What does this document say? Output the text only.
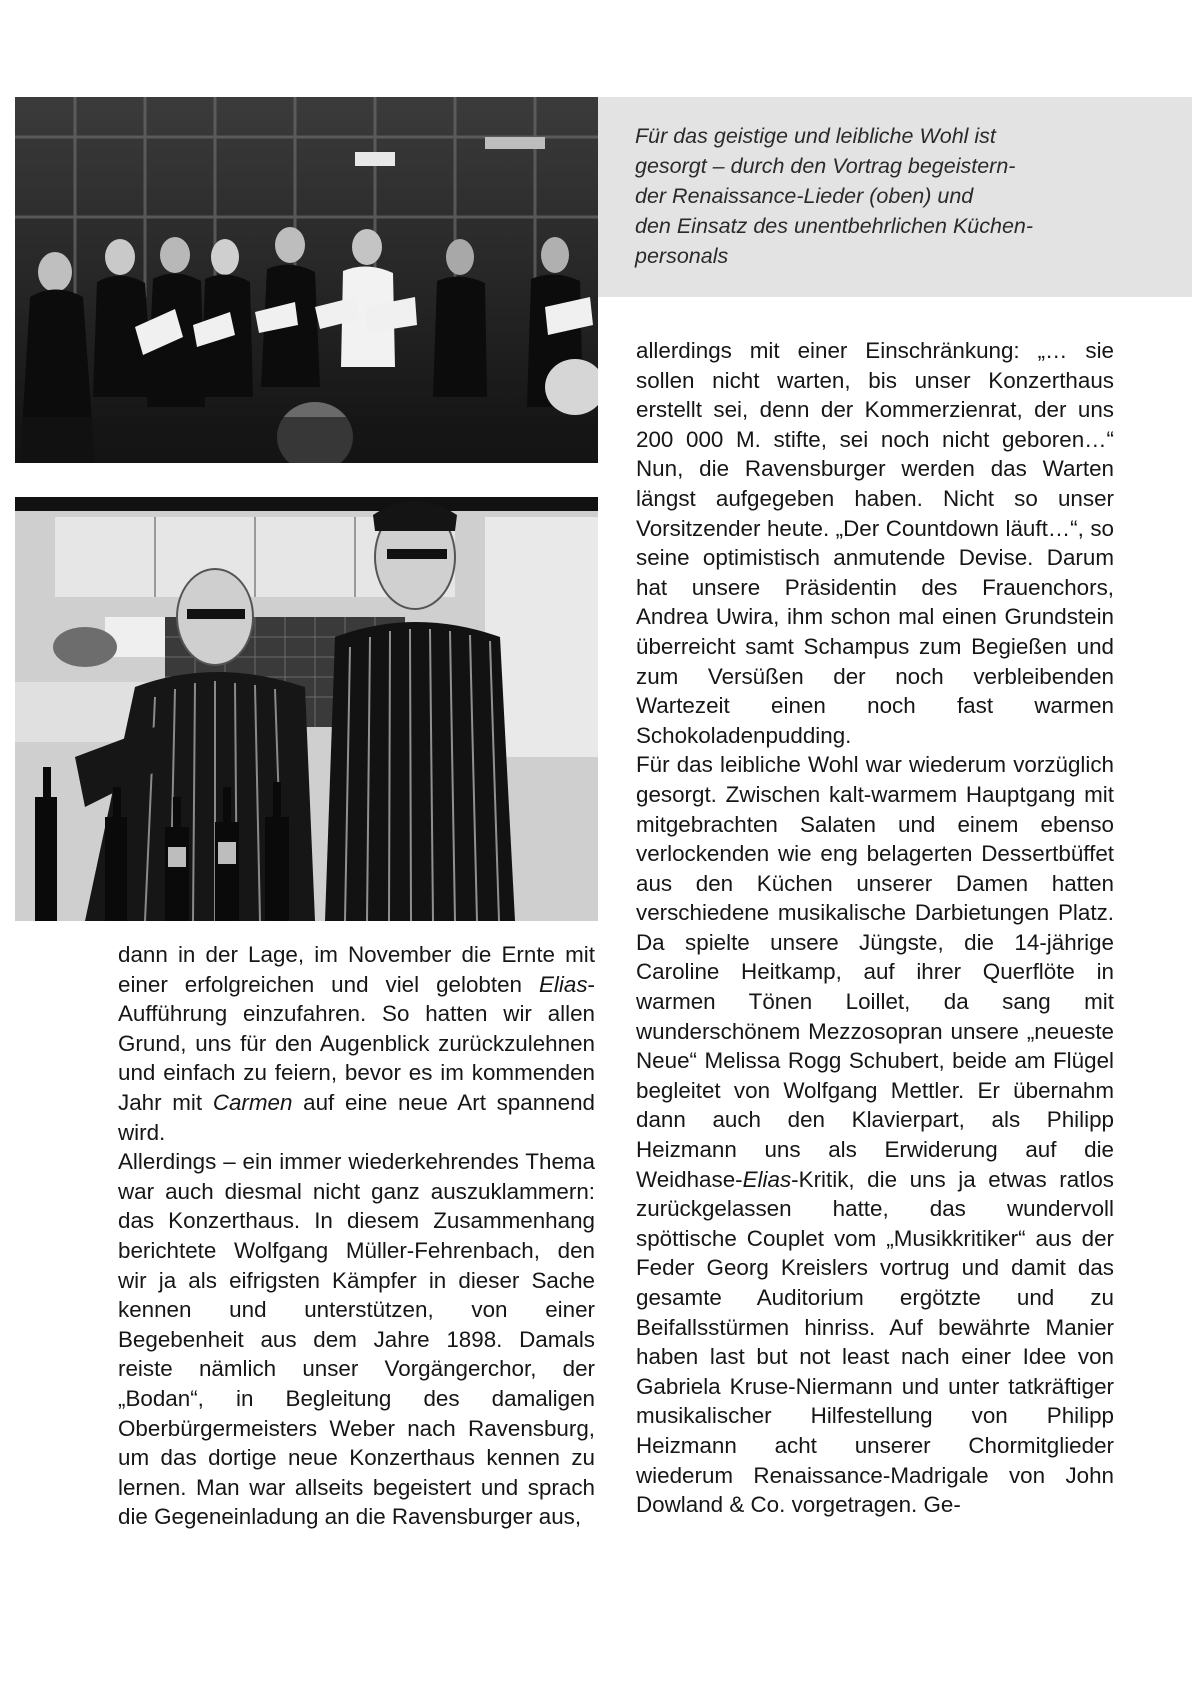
Für das geistige und leibliche Wohl ist
gesorgt – durch den Vortrag begeistern-
der Renaissance-Lieder (oben) und
den Einsatz des unentbehrlichen Küchen-
personals

dann in der Lage, im November die Ernte mit einer erfolgreichen und viel gelobten Elias-Aufführung einzufahren. So hatten wir allen Grund, uns für den Augenblick zurückzulehnen und einfach zu feiern, bevor es im kommenden Jahr mit Carmen auf eine neue Art spannend wird.

Allerdings – ein immer wiederkehrendes Thema war auch diesmal nicht ganz auszuklammern: das Konzerthaus. In diesem Zusammenhang berichtete Wolfgang Müller-Fehrenbach, den wir ja als eifrigsten Kämpfer in dieser Sache kennen und unterstützen, von einer Begebenheit aus dem Jahre 1898. Damals reiste nämlich unser Vorgängerchor, der „Bodan“, in Begleitung des damaligen Oberbürgermeisters Weber nach Ravensburg, um das dortige neue Konzerthaus kennen zu lernen. Man war allseits begeistert und sprach die Gegeneinladung an die Ravensburger aus,

allerdings mit einer Einschränkung: „… sie sollen nicht warten, bis unser Konzerthaus erstellt sei, denn der Kommerzienrat, der uns 200 000 M. stifte, sei noch nicht geboren…“ Nun, die Ravensburger werden das Warten längst aufgegeben haben. Nicht so unser Vorsitzender heute. „Der Countdown läuft…“, so seine optimistisch anmutende Devise. Darum hat unsere Präsidentin des Frauenchors, Andrea Uwira, ihm schon mal einen Grundstein überreicht samt Schampus zum Begießen und zum Versüßen der noch verbleibenden Wartezeit einen noch fast warmen Schokoladenpudding.

Für das leibliche Wohl war wiederum vorzüglich gesorgt. Zwischen kalt-warmem Hauptgang mit mitgebrachten Salaten und einem ebenso verlockenden wie eng belagerten Dessertbüffet aus den Küchen unserer Damen hatten verschiedene musikalische Darbietungen Platz. Da spielte unsere Jüngste, die 14-jährige Caroline Heitkamp, auf ihrer Querflöte in warmen Tönen Loillet, da sang mit wunderschönem Mezzosopran unsere „neueste Neue“ Melissa Rogg Schubert, beide am Flügel begleitet von Wolfgang Mettler. Er übernahm dann auch den Klavierpart, als Philipp Heizmann uns als Erwiderung auf die Weidhase-Elias-Kritik, die uns ja etwas ratlos zurückgelassen hatte, das wundervoll spöttische Couplet vom „Musikkritiker“ aus der Feder Georg Kreislers vortrug und damit das gesamte Auditorium ergötzte und zu Beifallsstürmen hinriss. Auf bewährte Manier haben last but not least nach einer Idee von Gabriela Kruse-Niermann und unter tatkräftiger musikalischer Hilfestellung von Philipp Heizmann acht unserer Chormitglieder wiederum Renaissance-Madrigale von John Dowland & Co. vorgetragen. Ge-
